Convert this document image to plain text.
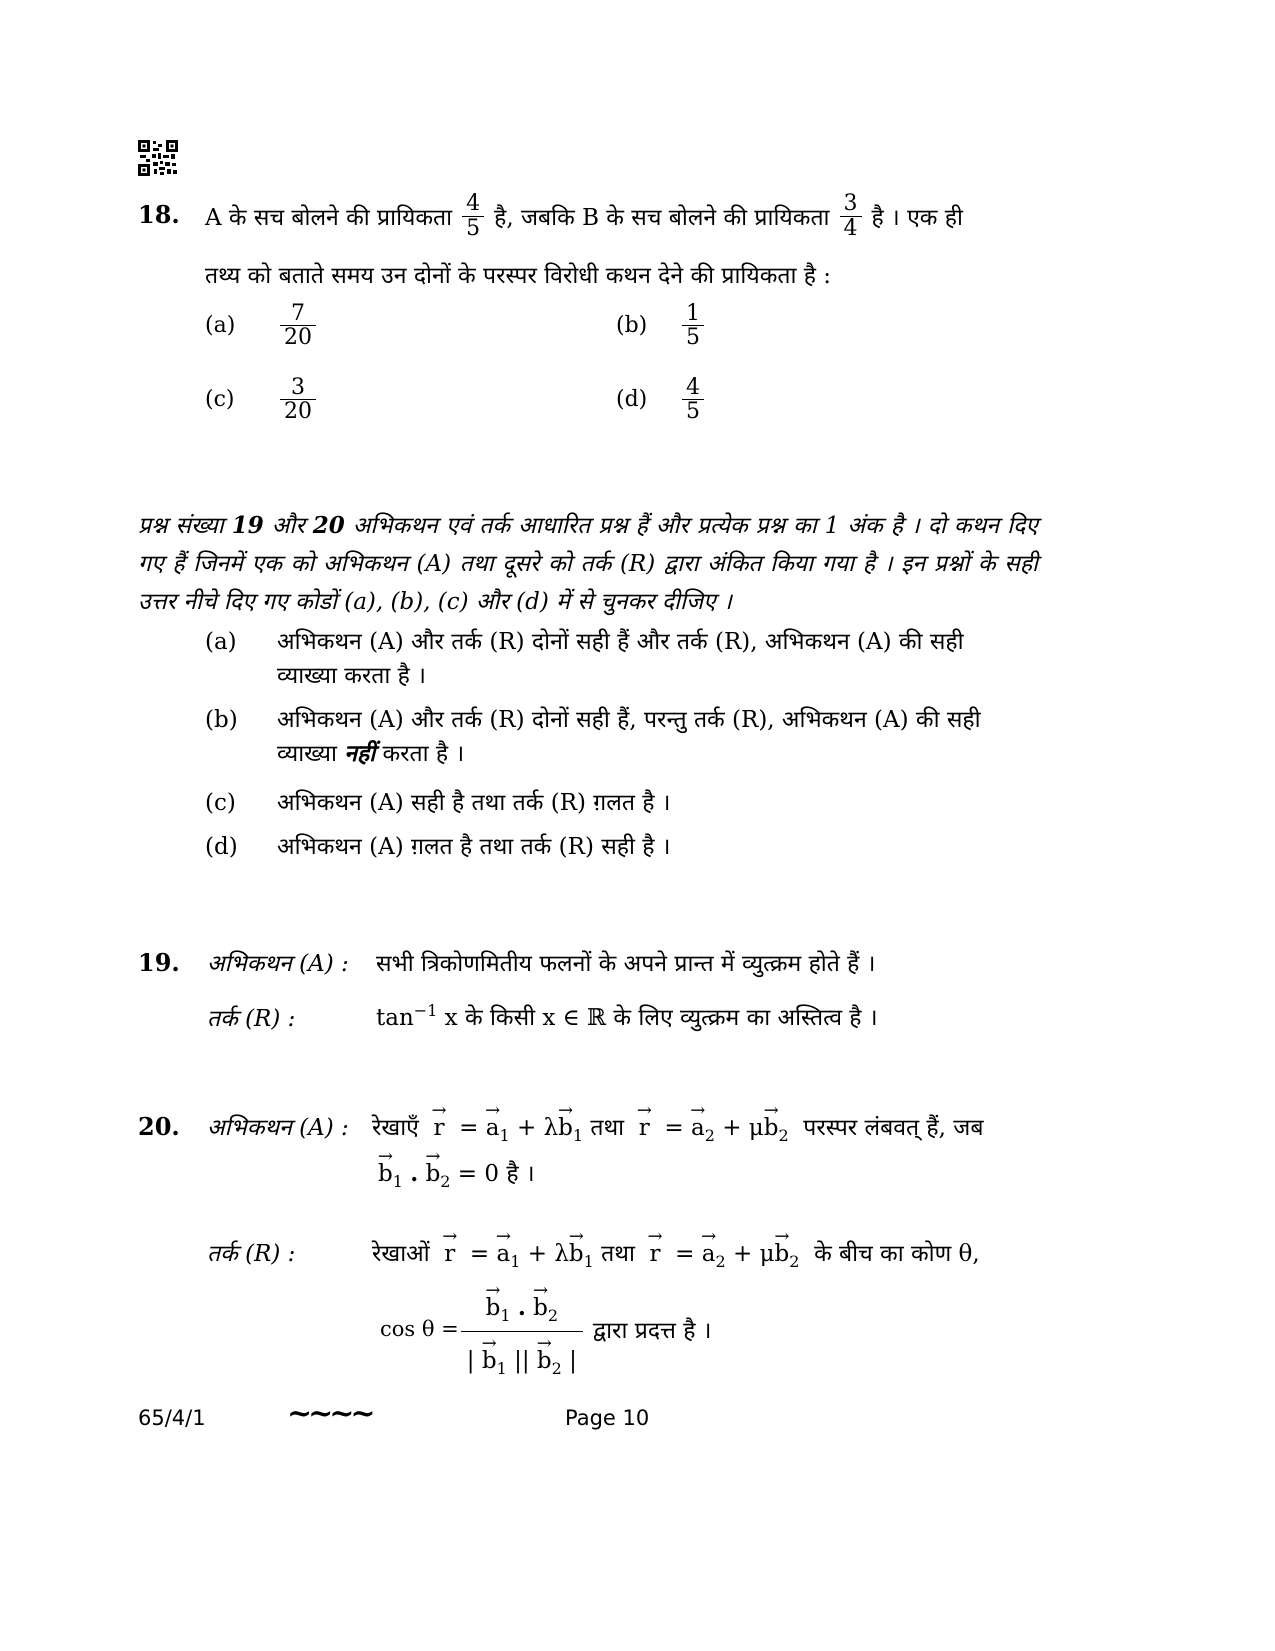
18. A के सच बोलने की प्रायिकता $\frac{4}{5}$ है, जबकि B के सच बोलने की प्रायिकता $\frac{3}{4}$ है । एक ही
तथ्य को बताते समय उन दोनों के परस्पर विरोधी कथन देने की प्रायिकता है :
(a)	$\frac{7}{20}$	(b)	$\frac{1}{5}$
(c)	$\frac{3}{20}$	(d)	$\frac{4}{5}$
प्रश्न संख्या 19 और 20 अभिकथन एवं तर्क आधारित प्रश्न हैं और प्रत्येक प्रश्न का 1 अंक है । दो कथन दिए गए हैं जिनमें एक को अभिकथन (A) तथा दूसरे को तर्क (R) द्वारा अंकित किया गया है । इन प्रश्नों के सही उत्तर नीचे दिए गए कोडों (a), (b), (c) और (d) में से चुनकर दीजिए ।
(a) अभिकथन (A) और तर्क (R) दोनों सही हैं और तर्क (R), अभिकथन (A) की सही
व्याख्या करता है ।
(b) अभिकथन (A) और तर्क (R) दोनों सही हैं, परन्तु तर्क (R), अभिकथन (A) की सही
व्याख्या नहीं करता है ।
(c) अभिकथन (A) सही है तथा तर्क (R) ग़लत है ।
(d) अभिकथन (A) ग़लत है तथा तर्क (R) सही है ।
19. अभिकथन (A) : सभी त्रिकोणमितीय फलनों के अपने प्रान्त में व्युत्क्रम होते हैं ।
तर्क (R) :	$\tan^{-1} x$ के किसी x ∈ ℝ के लिए व्युत्क्रम का अस्तित्व है ।
20. अभिकथन (A) : रेखाएँ →  r  = → $a_1 + \lambda\to b_1$ तथा →  r  = → $a_2 + \mu\to b_2$ परस्पर लंबवत् हैं, जब
→ $b_1$ . → $b_2 = 0$ है ।
तर्क (R) :	रेखाओं →  r  = → $a_1 + \lambda\to b_1$ तथा →  r  = → $a_2 + \mu\to b_2$ के बीच का कोण θ,
cos θ = → $\frac{b_1 . \to b_2}{| \to b_1 || \to b_2 |}$ द्वारा प्रदत्त है ।
65/4/1	~~~~	Page 10
